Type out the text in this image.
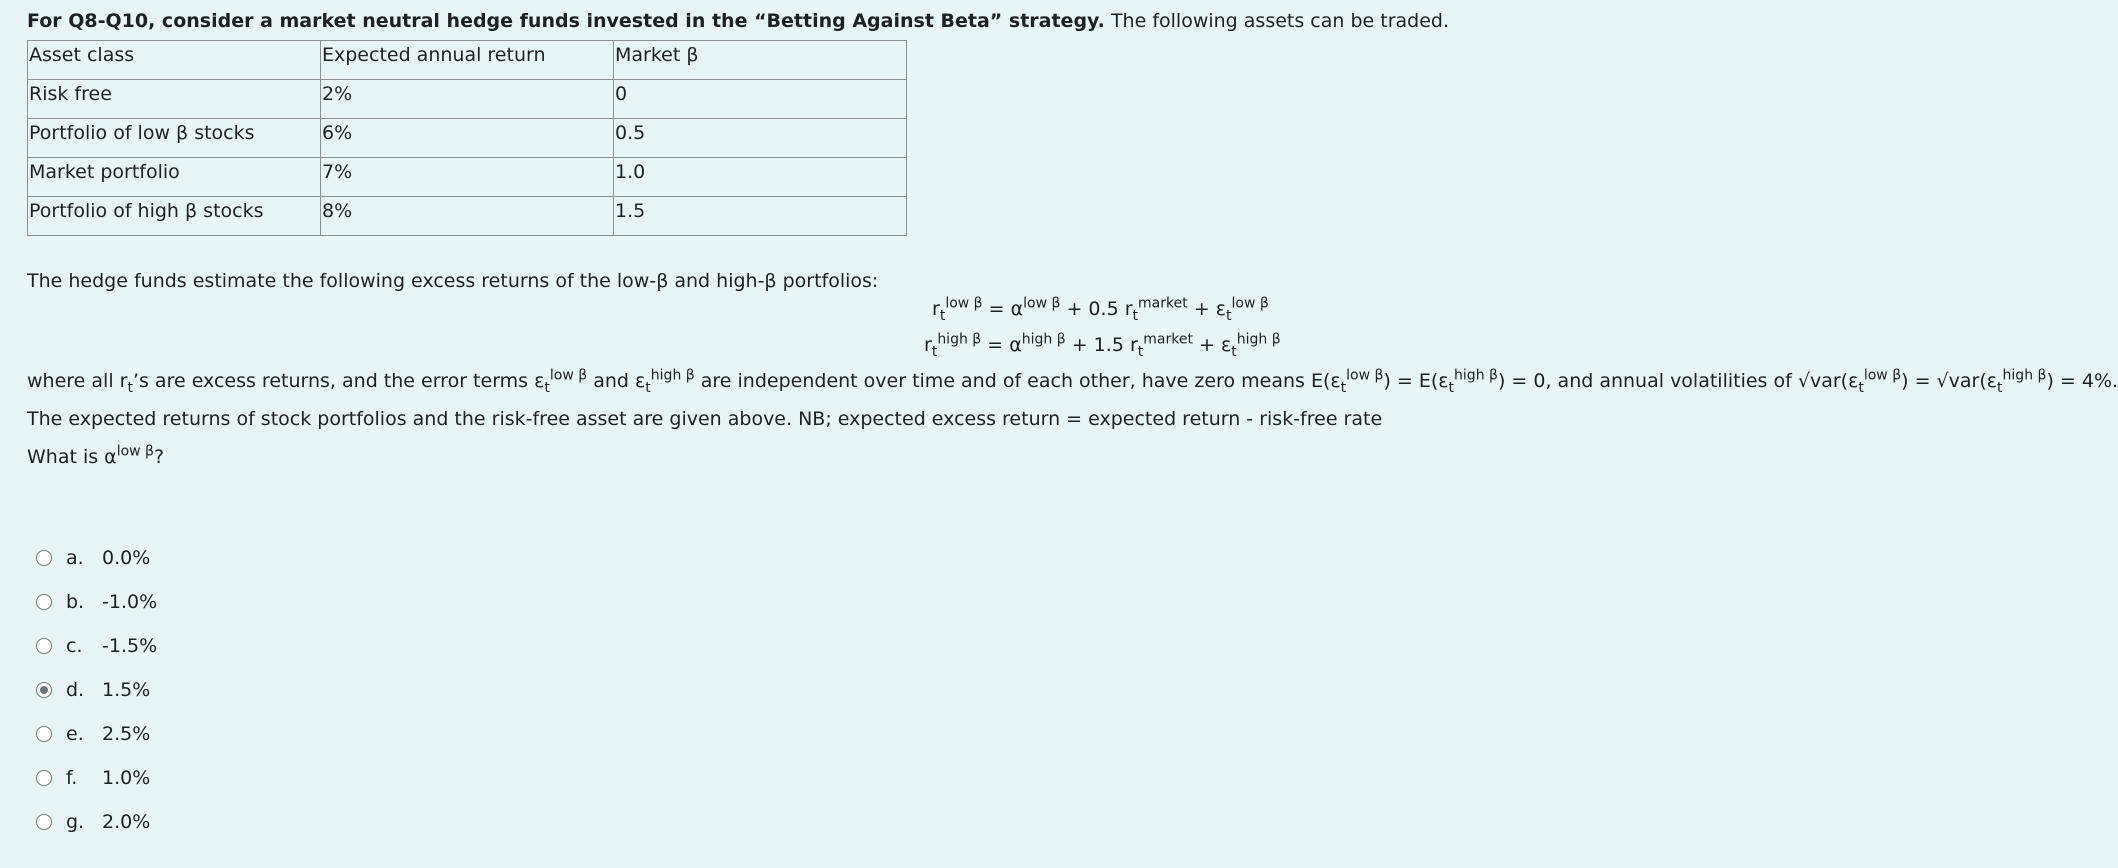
For Q8-Q10, consider a market neutral hedge funds invested in the “Betting Against Beta” strategy. The following assets can be traded.

Asset class	Expected annual return	Market β
Risk free	2%	0
Portfolio of low β stocks	6%	0.5
Market portfolio	7%	1.0
Portfolio of high β stocks	8%	1.5

The hedge funds estimate the following excess returns of the low-β and high-β portfolios:

$r_t^{low \beta} = \alpha^{low \beta} + 0.5$ $r_t^{market} + \varepsilon_t^{low \beta}$
$r_t^{high \beta} = \alpha^{high \beta} + 1.5$ $r_t^{market} + \varepsilon_t^{high \beta}$

where all $r_t’s$ are excess returns, and the error terms $\varepsilon_t^{low \beta}$ and $\varepsilon_t^{high \beta}$ are independent over time and of each other, have zero means $E(\varepsilon_t^{low \beta}) = E(\varepsilon_t^{high \beta}) = 0$, and annual volatilities of $√var(\varepsilon_t^{low \beta}) = √var(\varepsilon_t^{high \beta}) = 4\%$.

The expected returns of stock portfolios and the risk-free asset are given above. NB; expected excess return = expected return - risk-free rate

What is $\alpha^{low \beta}$?

a. 0.0%
b. -1.0%
c.	-1.5%
d. 1.5%
e. 2.5%
f.	1.0%
g. 2.0%
